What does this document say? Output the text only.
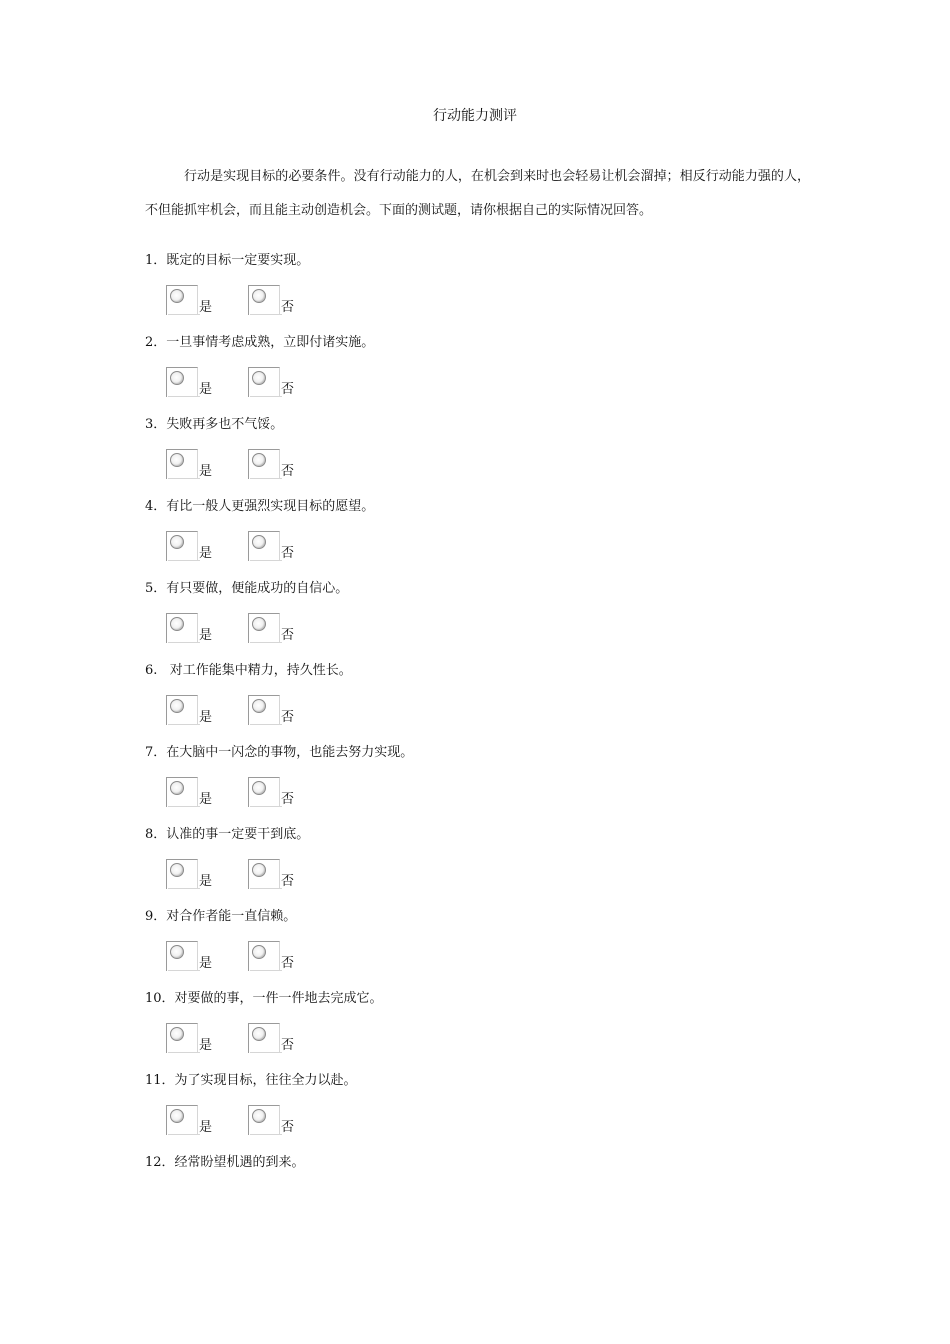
行动能力测评
行动是实现目标的必要条件。没有行动能力的人，在机会到来时也会轻易让机会溜掉；相反行动能力强的人，不但能抓牢机会，而且能主动创造机会。下面的测试题，请你根据自己的实际情况回答。
1．既定的目标一定要实现。
是	否
2．一旦事情考虑成熟，立即付诸实施。
是	否
3．失败再多也不气馁。
是	否
4．有比一般人更强烈实现目标的愿望。
是	否
5．有只要做，便能成功的自信心。
是	否
6.   对工作能集中精力，持久性长。
是	否
7．在大脑中一闪念的事物，也能去努力实现。
是	否
8．认准的事一定要干到底。
是	否
9．对合作者能一直信赖。
是	否
10．对要做的事，一件一件地去完成它。
是	否
11．为了实现目标，往往全力以赴。
是	否
12．经常盼望机遇的到来。
